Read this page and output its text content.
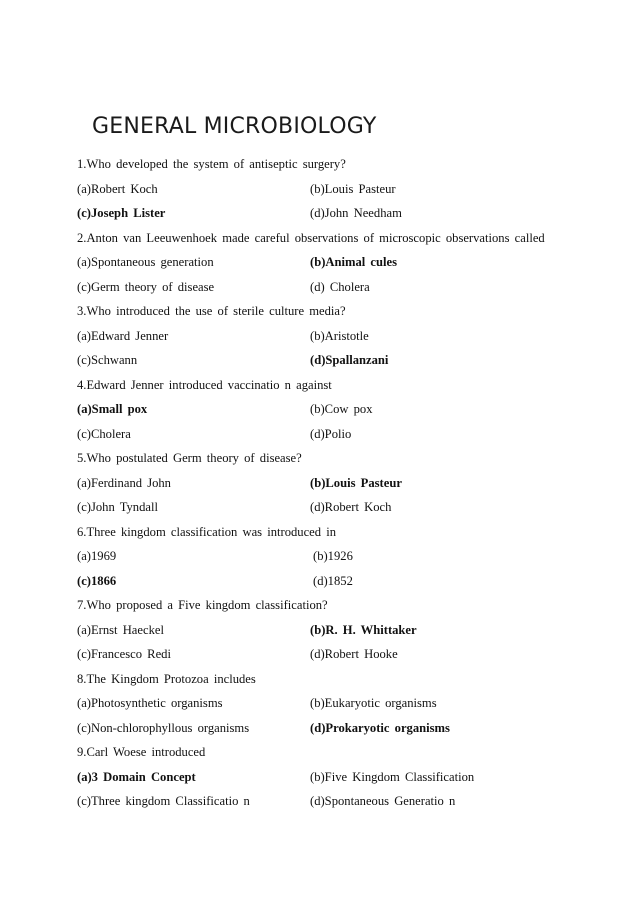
GENERAL MICROBIOLOGY
1.Who developed the system of antiseptic surgery?
(a)Robert Koch	(b)Louis Pasteur
(c)Joseph Lister	(d)John Needham
2.Anton van Leeuwenhoek made careful observations of microscopic observations called
(a)Spontaneous generation	(b)Animal cules
(c)Germ theory of disease	(d) Cholera
3.Who introduced the use of sterile culture media?
(a)Edward Jenner	(b)Aristotle
(c)Schwann	(d)Spallanzani
4.Edward Jenner introduced vaccinatio n against
(a)Small pox	(b)Cow pox
(c)Cholera	(d)Polio
5.Who postulated Germ theory of disease?
(a)Ferdinand John	(b)Louis Pasteur
(c)John Tyndall	(d)Robert Koch
6.Three kingdom classification was introduced in
(a)1969	(b)1926
(c)1866	(d)1852
7.Who proposed a Five kingdom classification?
(a)Ernst Haeckel	(b)R. H. Whittaker
(c)Francesco Redi	(d)Robert Hooke
8.The Kingdom Protozoa includes
(a)Photosynthetic organisms	(b)Eukaryotic organisms
(c)Non-chlorophyllous organisms	(d)Prokaryotic organisms
9.Carl Woese introduced
(a)3 Domain Concept	(b)Five Kingdom Classification
(c)Three kingdom Classificatio n	(d)Spontaneous Generatio n
